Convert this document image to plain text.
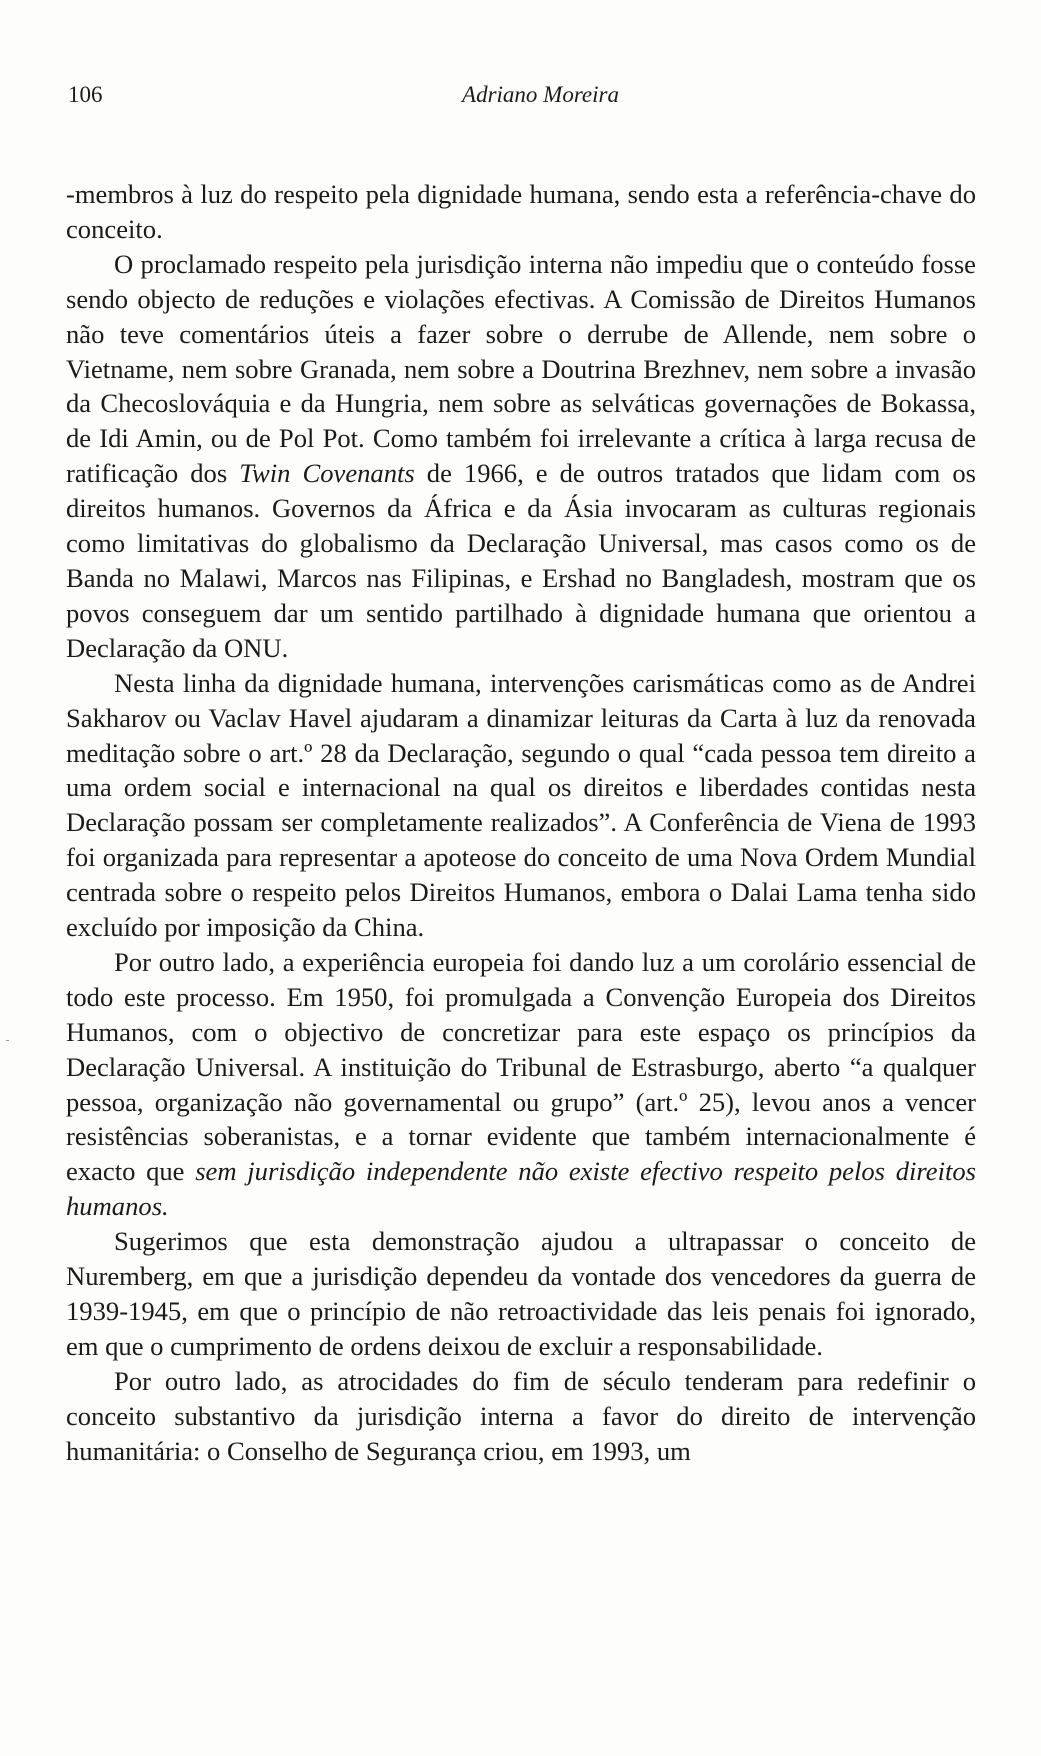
106	Adriano Moreira

-membros à luz do respeito pela dignidade humana, sendo esta a referência-chave do conceito.

O proclamado respeito pela jurisdição interna não impediu que o conteúdo fosse sendo objecto de reduções e violações efectivas. A Comissão de Direitos Humanos não teve comentários úteis a fazer sobre o derrube de Allende, nem sobre o Vietname, nem sobre Granada, nem sobre a Doutrina Brezhnev, nem sobre a invasão da Checoslováquia e da Hungria, nem sobre as selváticas governações de Bokassa, de Idi Amin, ou de Pol Pot. Como também foi irrelevante a crítica à larga recusa de ratificação dos Twin Covenants de 1966, e de outros tratados que lidam com os direitos humanos. Governos da África e da Ásia invocaram as culturas regionais como limitativas do globalismo da Declaração Universal, mas casos como os de Banda no Malawi, Marcos nas Filipinas, e Ershad no Bangladesh, mostram que os povos conseguem dar um sentido partilhado à dignidade humana que orientou a Declaração da ONU.

Nesta linha da dignidade humana, intervenções carismáticas como as de Andrei Sakharov ou Vaclav Havel ajudaram a dinamizar leituras da Carta à luz da renovada meditação sobre o art.º 28 da Declaração, segundo o qual “cada pessoa tem direito a uma ordem social e internacional na qual os direitos e liberdades contidas nesta Declaração possam ser completamente realizados”. A Conferência de Viena de 1993 foi organizada para representar a apoteose do conceito de uma Nova Ordem Mundial centrada sobre o respeito pelos Direitos Humanos, embora o Dalai Lama tenha sido excluído por imposição da China.

Por outro lado, a experiência europeia foi dando luz a um corolário essencial de todo este processo. Em 1950, foi promulgada a Convenção Europeia dos Direitos Humanos, com o objectivo de concretizar para este espaço os princípios da Declaração Universal. A instituição do Tribunal de Estrasburgo, aberto “a qualquer pessoa, organização não governamental ou grupo” (art.º 25), levou anos a vencer resistências soberanistas, e a tornar evidente que também internacionalmente é exacto que sem jurisdição independente não existe efectivo respeito pelos direitos humanos.

Sugerimos que esta demonstração ajudou a ultrapassar o conceito de Nuremberg, em que a jurisdição dependeu da vontade dos vencedores da guerra de 1939-1945, em que o princípio de não retroactividade das leis penais foi ignorado, em que o cumprimento de ordens deixou de excluir a responsabilidade.

Por outro lado, as atrocidades do fim de século tenderam para redefinir o conceito substantivo da jurisdição interna a favor do direito de intervenção humanitária: o Conselho de Segurança criou, em 1993, um
